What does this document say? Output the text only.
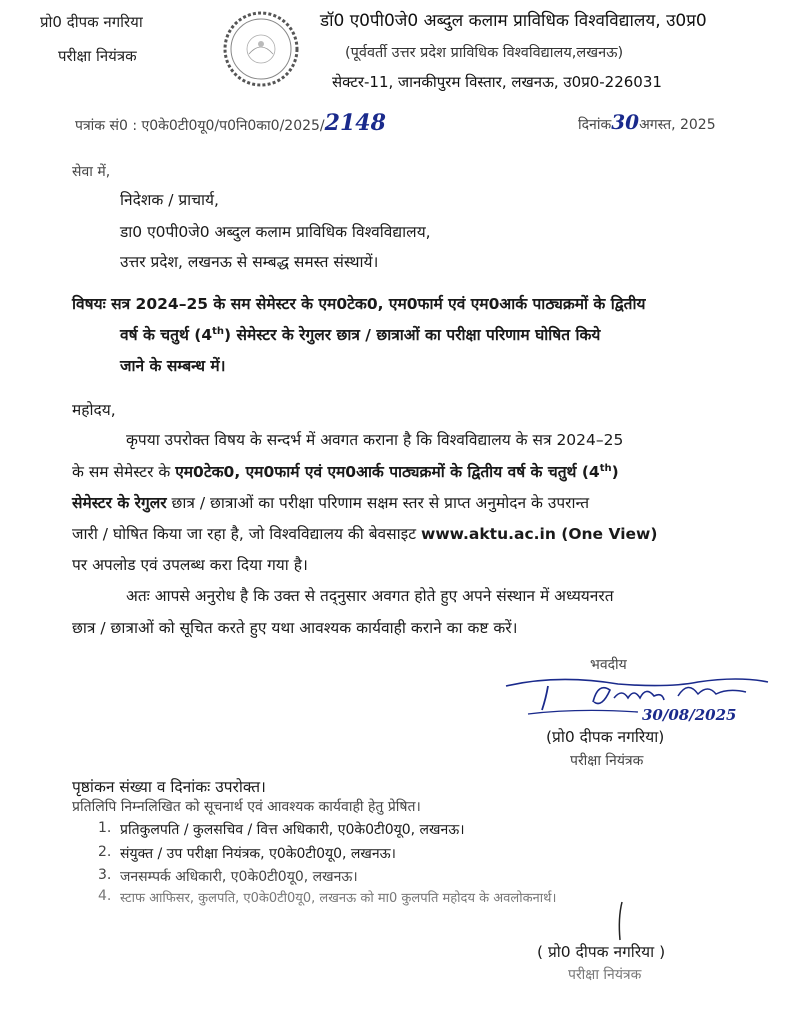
प्रो0 दीपक नगरिया
परीक्षा नियंत्रक
डॉ0 ए0पी0जे0 अब्दुल कलाम प्राविधिक विश्वविद्यालय, उ0प्र0
(पूर्ववर्ती उत्तर प्रदेश प्राविधिक विश्वविद्यालय,लखनऊ)
सेक्टर-11, जानकीपुरम विस्तार, लखनऊ, उ0प्र0-226031
पत्रांक सं0 : ए0के0टी0यू0/प0नि0का0/2025/2148	दिनांक30अगस्त, 2025
सेवा में,
निदेशक / प्राचार्य,
डा0 ए0पी0जे0 अब्दुल कलाम प्राविधिक विश्वविद्यालय,
उत्तर प्रदेश, लखनऊ से सम्बद्ध समस्त संस्थायें।
विषयः सत्र 2024–25 के सम सेमेस्टर के एम0टेक0, एम0फार्म एवं एम0आर्क पाठ्यक्रमों के द्वितीय
वर्ष के चतुर्थ (4th) सेमेस्टर के रेगुलर छात्र / छात्राओं का परीक्षा परिणाम घोषित किये
जाने के सम्बन्ध में।
महोदय,
कृपया उपरोक्त विषय के सन्दर्भ में अवगत कराना है कि विश्वविद्यालय के सत्र 2024–25
के सम सेमेस्टर के एम0टेक0, एम0फार्म एवं एम0आर्क पाठ्यक्रमों के द्वितीय वर्ष के चतुर्थ (4th)
सेमेस्टर के रेगुलर छात्र / छात्राओं का परीक्षा परिणाम सक्षम स्तर से प्राप्त अनुमोदन के उपरान्त
जारी / घोषित किया जा रहा है, जो विश्वविद्यालय की बेवसाइट www.aktu.ac.in (One View)
पर अपलोड एवं उपलब्ध करा दिया गया है।
अतः आपसे अनुरोध है कि उक्त से तद्नुसार अवगत होते हुए अपने संस्थान में अध्ययनरत
छात्र / छात्राओं को सूचित करते हुए यथा आवश्यक कार्यवाही कराने का कष्ट करें।
भवदीय
30/08/2025
(प्रो0 दीपक नगरिया)
परीक्षा नियंत्रक
पृष्ठांकन संख्या व दिनांकः उपरोक्त।
प्रतिलिपि निम्नलिखित को सूचनार्थ एवं आवश्यक कार्यवाही हेतु प्रेषित।
1. प्रतिकुलपति / कुलसचिव / वित्त अधिकारी, ए0के0टी0यू0, लखनऊ।
2. संयुक्त / उप परीक्षा नियंत्रक, ए0के0टी0यू0, लखनऊ।
3. जनसम्पर्क अधिकारी, ए0के0टी0यू0, लखनऊ।
4. स्टाफ आफिसर, कुलपति, ए0के0टी0यू0, लखनऊ को मा0 कुलपति महोदय के अवलोकनार्थ।
( प्रो0 दीपक नगरिया )
परीक्षा नियंत्रक
